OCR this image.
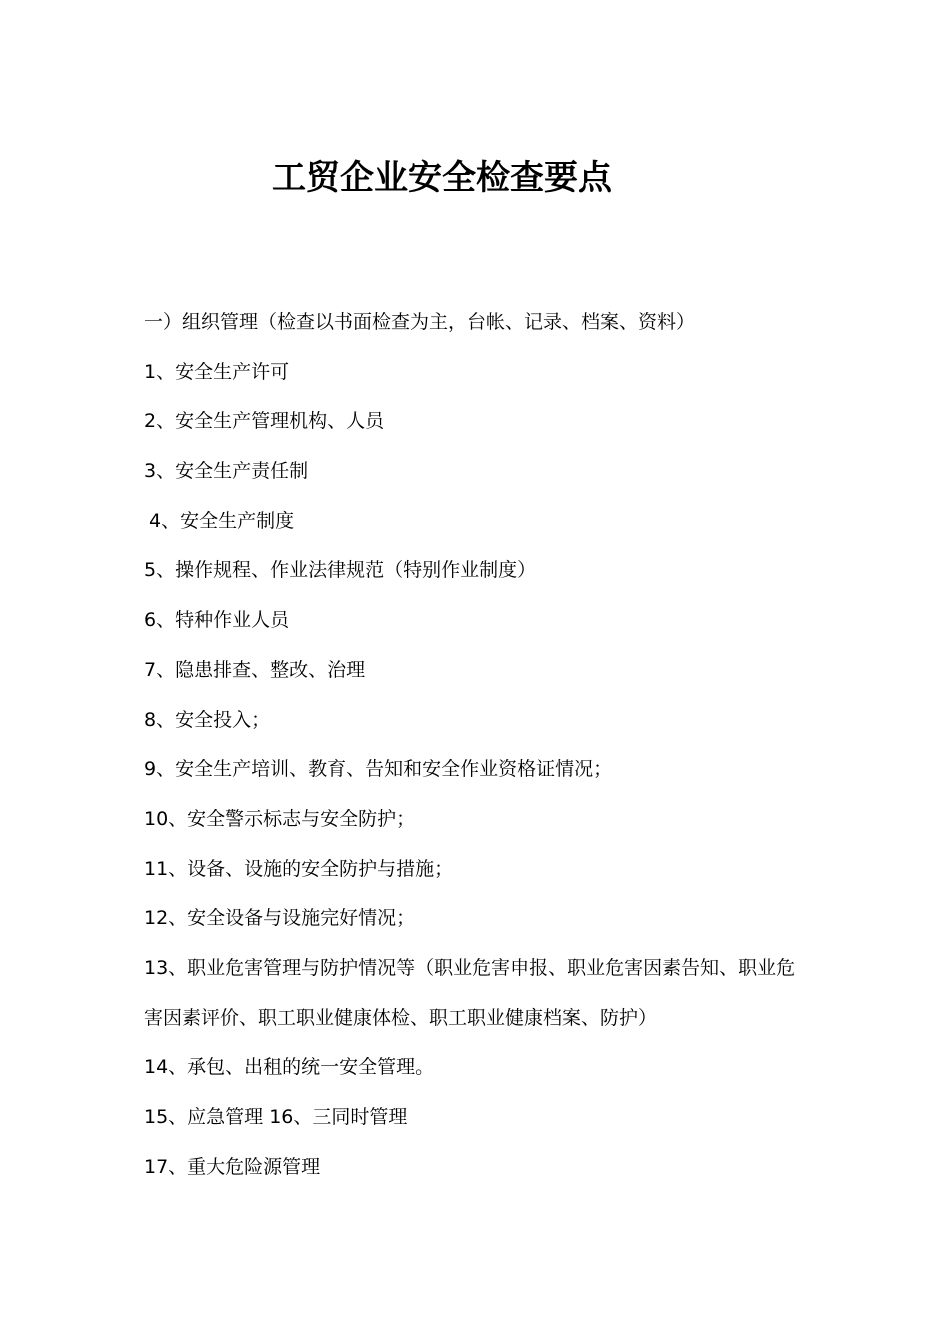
工贸企业安全检查要点
一）组织管理（检查以书面检查为主，台帐、记录、档案、资料）
1、安全生产许可
2、安全生产管理机构、人员
3、安全生产责任制
4、安全生产制度
5、操作规程、作业法律规范（特别作业制度）
6、特种作业人员
7、隐患排查、整改、治理
8、安全投入；
9、安全生产培训、教育、告知和安全作业资格证情况；
10、安全警示标志与安全防护；
11、设备、设施的安全防护与措施；
12、安全设备与设施完好情况；
13、职业危害管理与防护情况等（职业危害申报、职业危害因素告知、职业危
害因素评价、职工职业健康体检、职工职业健康档案、防护）
14、承包、出租的统一安全管理。
15、应急管理 16、三同时管理
17、重大危险源管理
